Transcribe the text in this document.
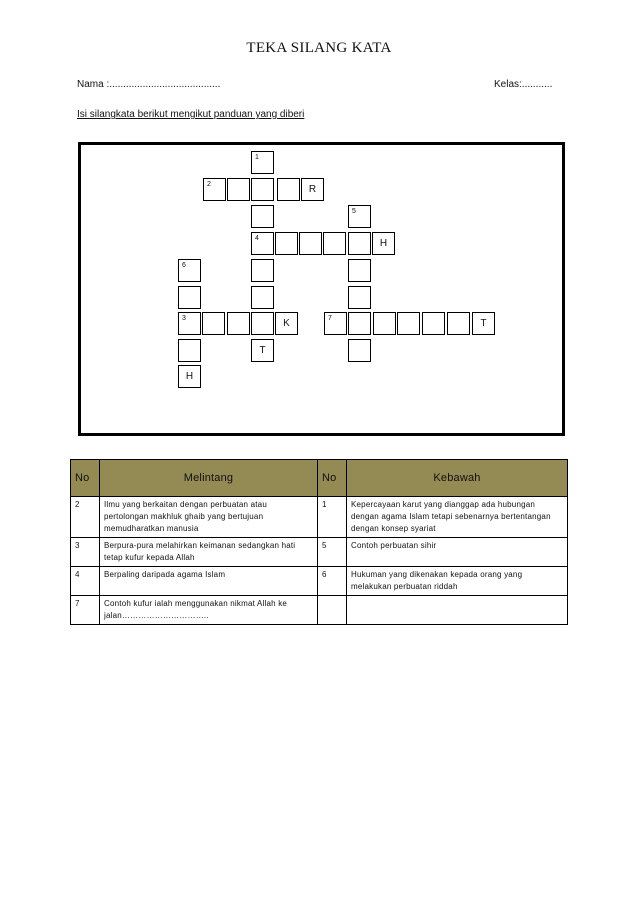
TEKA SILANG KATA
Nama :........................................	Kelas:...........
Isi silangkata berikut mengikut panduan yang diberi
1
4
T
2	R
H
5
6
3
H
K	7	T
No	Melintang	No	Kebawah
2	Ilmu yang berkaitan dengan perbuatan atau pertolongan makhluk ghaib yang bertujuan memudharatkan manusia	1	Kepercayaan karut yang dianggap ada hubungan dengan agama Islam tetapi sebenarnya bertentangan dengan konsep syariat
3	Berpura-pura melahirkan keimanan sedangkan hati tetap kufur kepada Allah	5	Contoh perbuatan sihir
4	Berpaling daripada agama Islam	6	Hukuman yang dikenakan kepada orang yang melakukan perbuatan riddah
7	Contoh kufur ialah menggunakan nikmat Allah ke jalan…………………………..		
